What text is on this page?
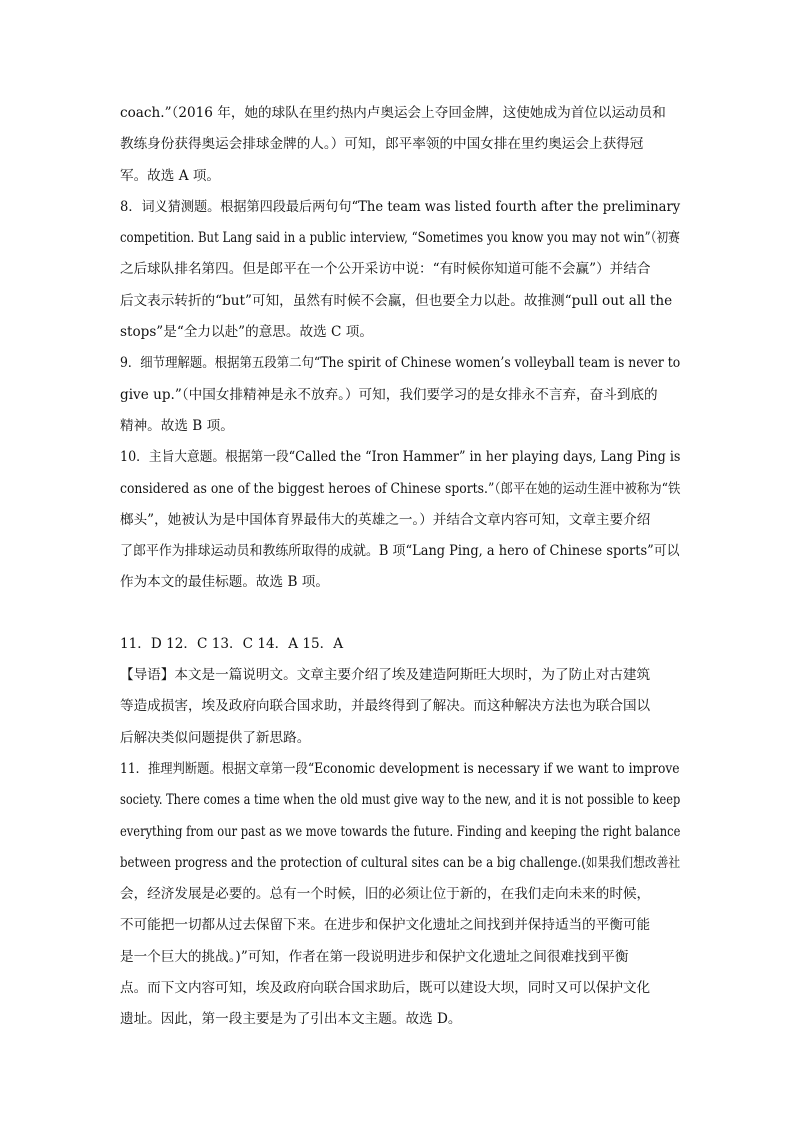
coach.”（2016 年，她的球队在里约热内卢奥运会上夺回金牌，这使她成为首位以运动员和
教练身份获得奥运会排球金牌的人。）可知，郎平率领的中国女排在里约奥运会上获得冠
军。故选 A 项。
8．词义猜测题。根据第四段最后两句句“The team was listed fourth after the preliminary
competition. But Lang said in a public interview, “Sometimes you know you may not win”（初赛
之后球队排名第四。但是郎平在一个公开采访中说：“有时候你知道可能不会赢”）并结合
后文表示转折的“but”可知，虽然有时候不会赢，但也要全力以赴。故推测“pull out all the
stops”是“全力以赴”的意思。故选 C 项。
9．细节理解题。根据第五段第二句“The spirit of Chinese women’s volleyball team is never to
give up.”（中国女排精神是永不放弃。）可知，我们要学习的是女排永不言弃，奋斗到底的
精神。故选 B 项。
10．主旨大意题。根据第一段“Called the “Iron Hammer” in her playing days, Lang Ping is
considered as one of the biggest heroes of Chinese sports.”（郎平在她的运动生涯中被称为“铁
榔头”，她被认为是中国体育界最伟大的英雄之一。）并结合文章内容可知，文章主要介绍
了郎平作为排球运动员和教练所取得的成就。B 项“Lang Ping, a hero of Chinese sports”可以
作为本文的最佳标题。故选 B 项。
11．D 12．C 13．C 14．A 15．A
【导语】本文是一篇说明文。文章主要介绍了埃及建造阿斯旺大坝时，为了防止对古建筑
等造成损害，埃及政府向联合国求助，并最终得到了解决。而这种解决方法也为联合国以
后解决类似问题提供了新思路。
11．推理判断题。根据文章第一段“Economic development is necessary if we want to improve
society. There comes a time when the old must give way to the new, and it is not possible to keep
everything from our past as we move towards the future. Finding and keeping the right balance
between progress and the protection of cultural sites can be a big challenge.(如果我们想改善社
会，经济发展是必要的。总有一个时候，旧的必须让位于新的，在我们走向未来的时候，
不可能把一切都从过去保留下来。在进步和保护文化遗址之间找到并保持适当的平衡可能
是一个巨大的挑战。)”可知，作者在第一段说明进步和保护文化遗址之间很难找到平衡
点。而下文内容可知，埃及政府向联合国求助后，既可以建设大坝，同时又可以保护文化
遗址。因此，第一段主要是为了引出本文主题。故选 D。
